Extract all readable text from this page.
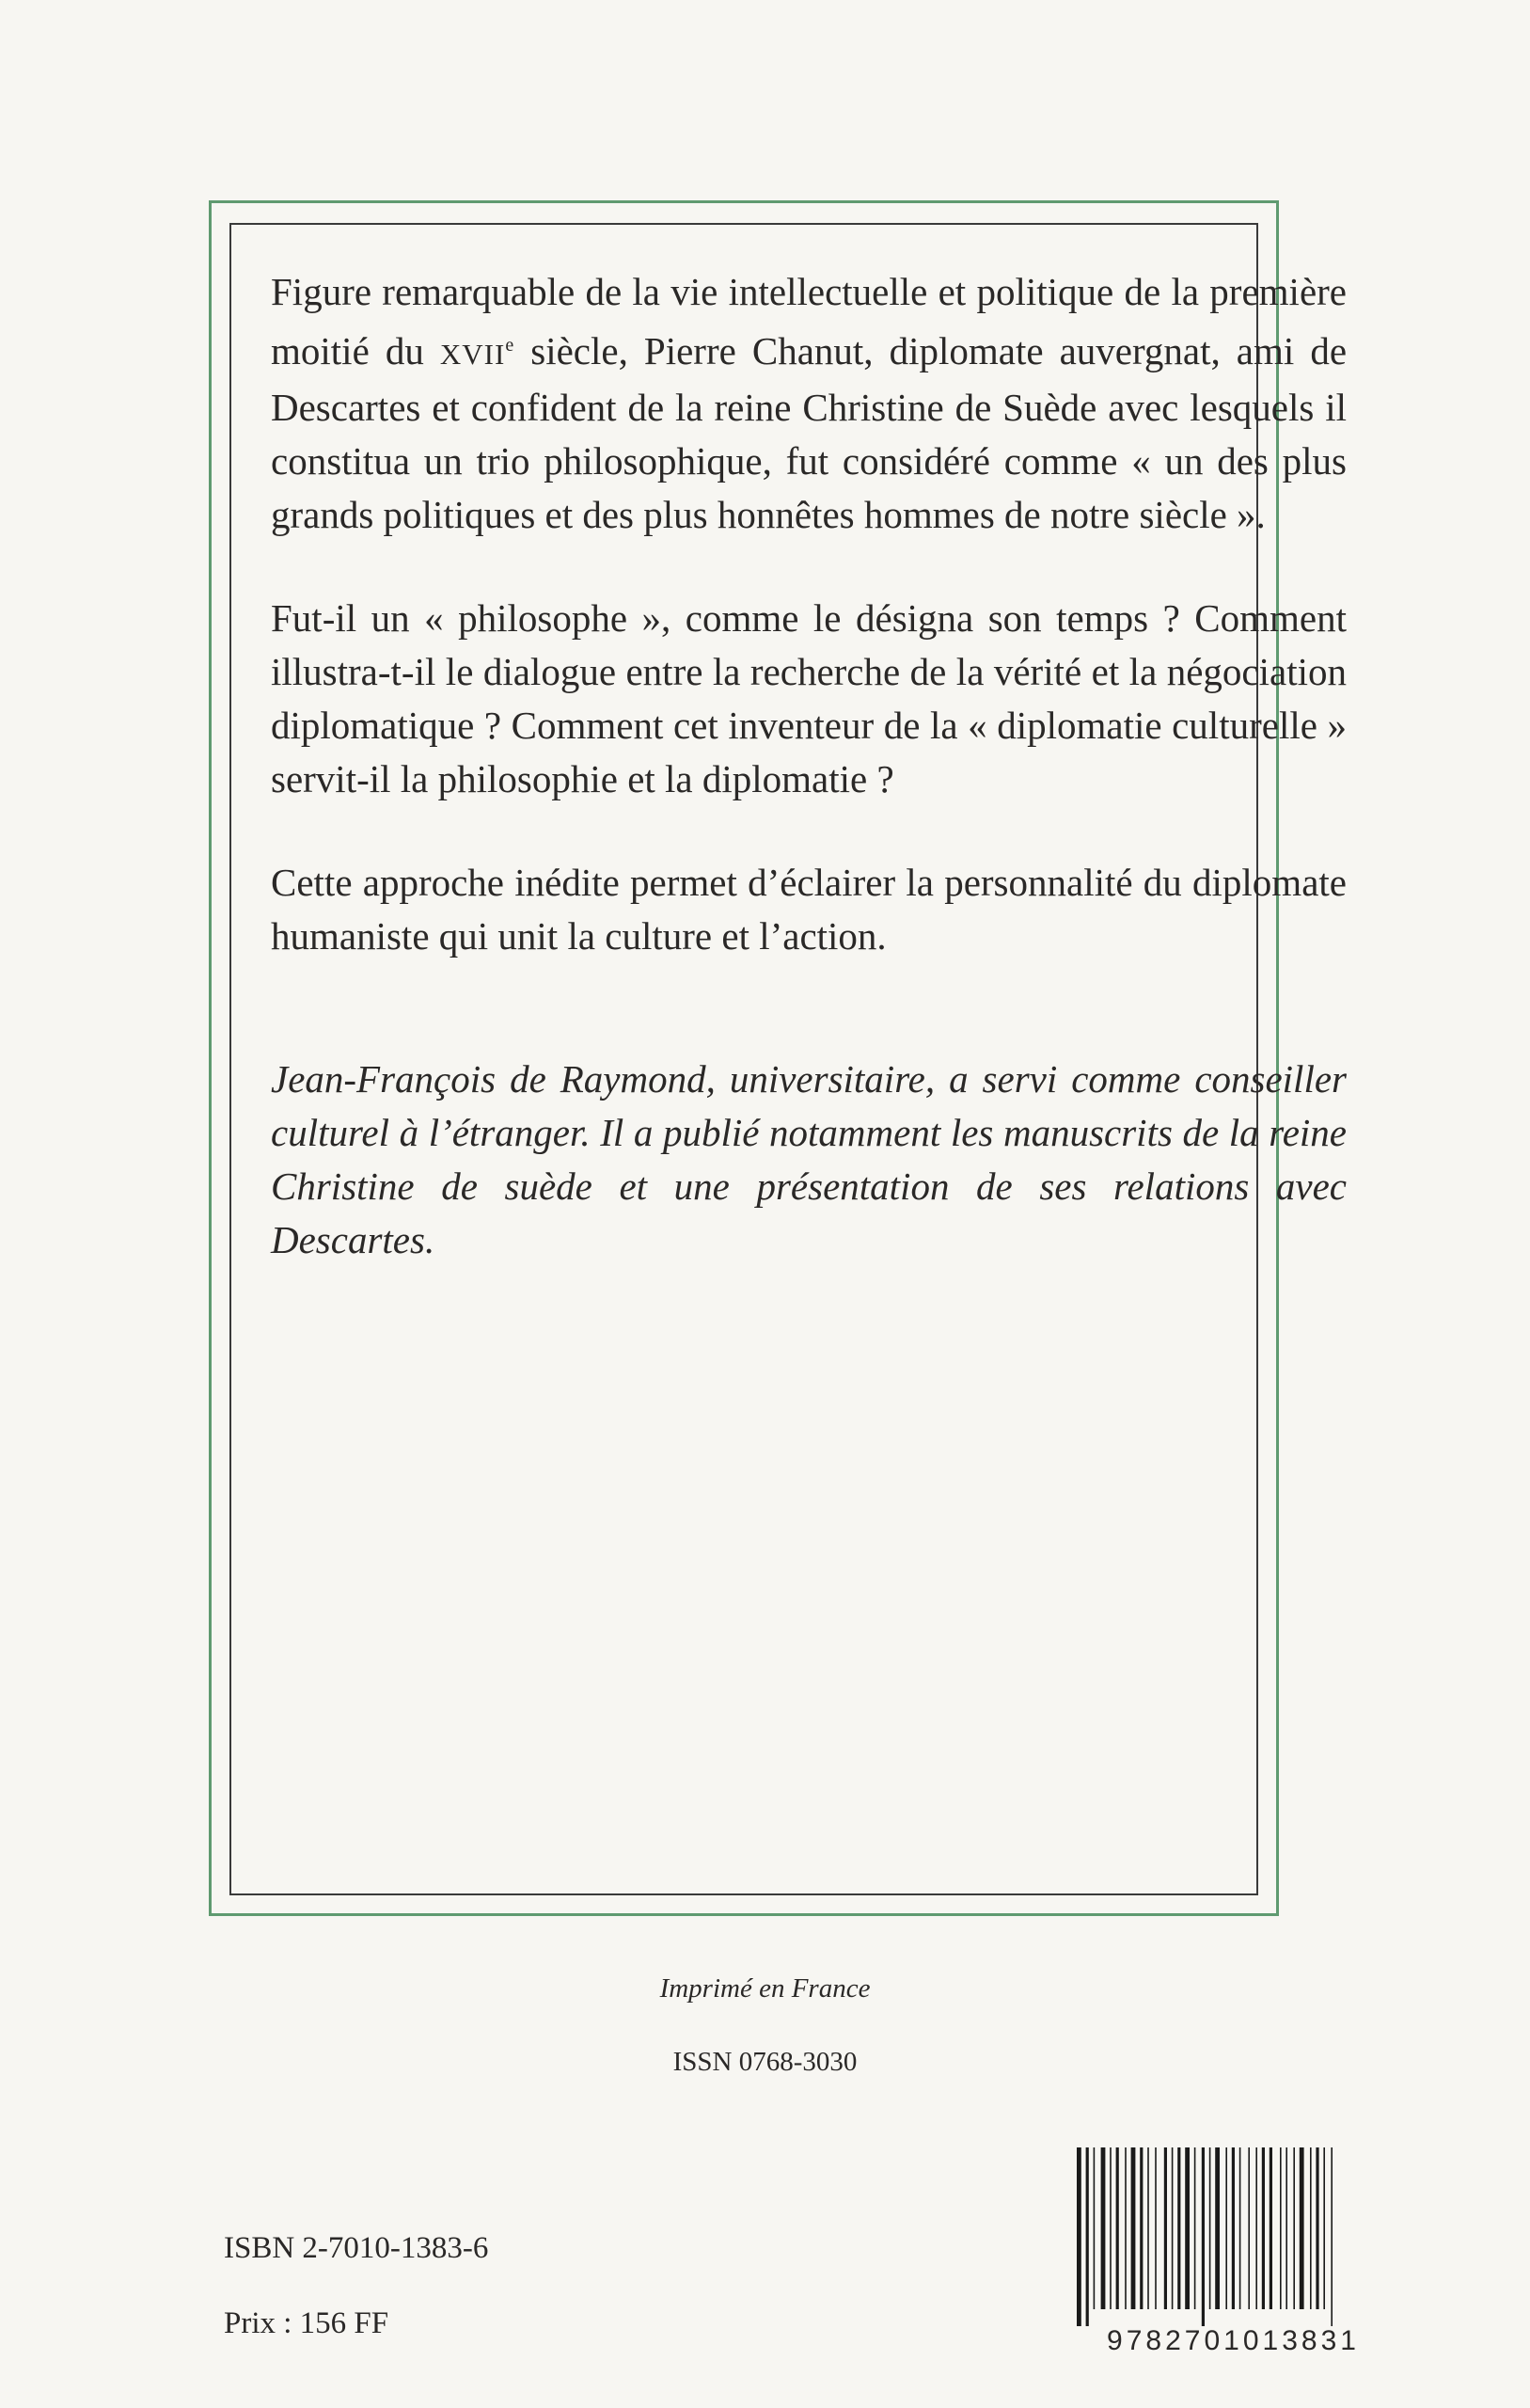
Figure remarquable de la vie intellectuelle et politique de la première moitié du XVIIe siècle, Pierre Chanut, diplomate auvergnat, ami de Descartes et confident de la reine Christine de Suède avec lesquels il constitua un trio philosophique, fut considéré comme « un des plus grands politiques et des plus honnêtes hommes de notre siècle ».

Fut-il un « philosophe », comme le désigna son temps ? Comment illustra-t-il le dialogue entre la recherche de la vérité et la négociation diplomatique ? Comment cet inventeur de la « diplomatie culturelle » servit-il la philosophie et la diplomatie ?

Cette approche inédite permet d’éclairer la personnalité du diplomate humaniste qui unit la culture et l’action.

Jean-François de Raymond, universitaire, a servi comme conseiller culturel à l’étranger. Il a publié notamment les manuscrits de la reine Christine de suède et une présentation de ses relations avec Descartes.

Imprimé en France
ISSN 0768-3030
ISBN 2-7010-1383-6
Prix : 156 FF
9782701013831
